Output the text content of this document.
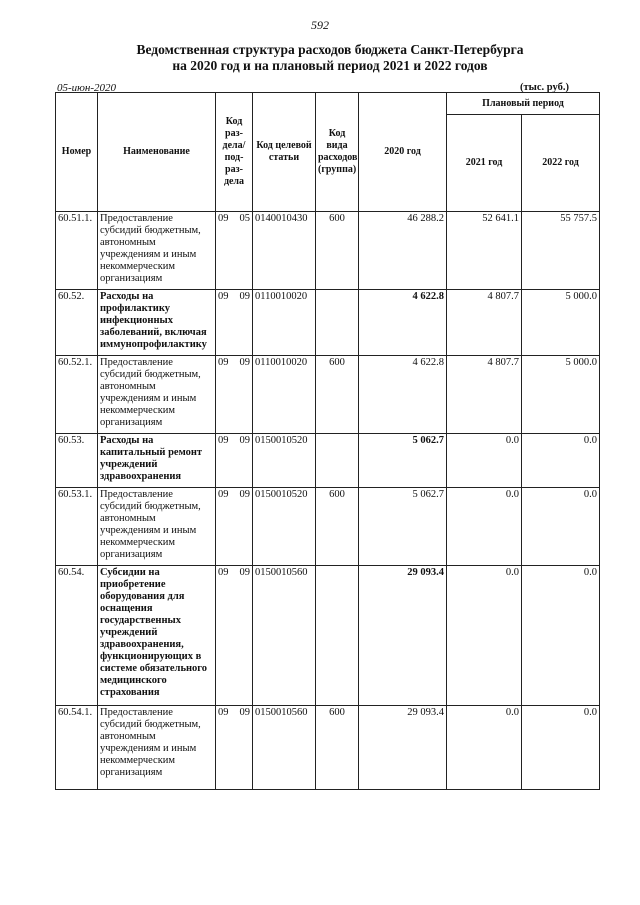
592
Ведомственная структура расходов бюджета Санкт-Петербурга
на 2020 год и на плановый период 2021 и 2022 годов
05-июн-2020	(тыс. руб.)
Номер	Наименование	Код раз- дела/ под- раз- дела	Код целевой статьи	Код вида расходов (группа)	2020 год	Плановый период	
						2021 год	2022 год
60.51.1.	Предоставление субсидий бюджетным, автономным учреждениям и иным некоммерческим организациям	09 05	0140010430	600	46 288.2	52 641.1	55 757.5
60.52.	Расходы на профилактику инфекционных заболеваний, включая иммунопрофилактику	09 09	0110010020		4 622.8	4 807.7	5 000.0
60.52.1.	Предоставление субсидий бюджетным, автономным учреждениям и иным некоммерческим организациям	09 09	0110010020	600	4 622.8	4 807.7	5 000.0
60.53.	Расходы на капитальный ремонт учреждений здравоохранения	09 09	0150010520		5 062.7	0.0	0.0
60.53.1.	Предоставление субсидий бюджетным, автономным учреждениям и иным некоммерческим организациям	09 09	0150010520	600	5 062.7	0.0	0.0
60.54.	Субсидии на приобретение оборудования для оснащения государственных учреждений здравоохранения, функционирующих в системе обязательного медицинского страхования	09 09	0150010560		29 093.4	0.0	0.0
60.54.1.	Предоставление субсидий бюджетным, автономным учреждениям и иным некоммерческим организациям	09 09	0150010560	600	29 093.4	0.0	0.0
